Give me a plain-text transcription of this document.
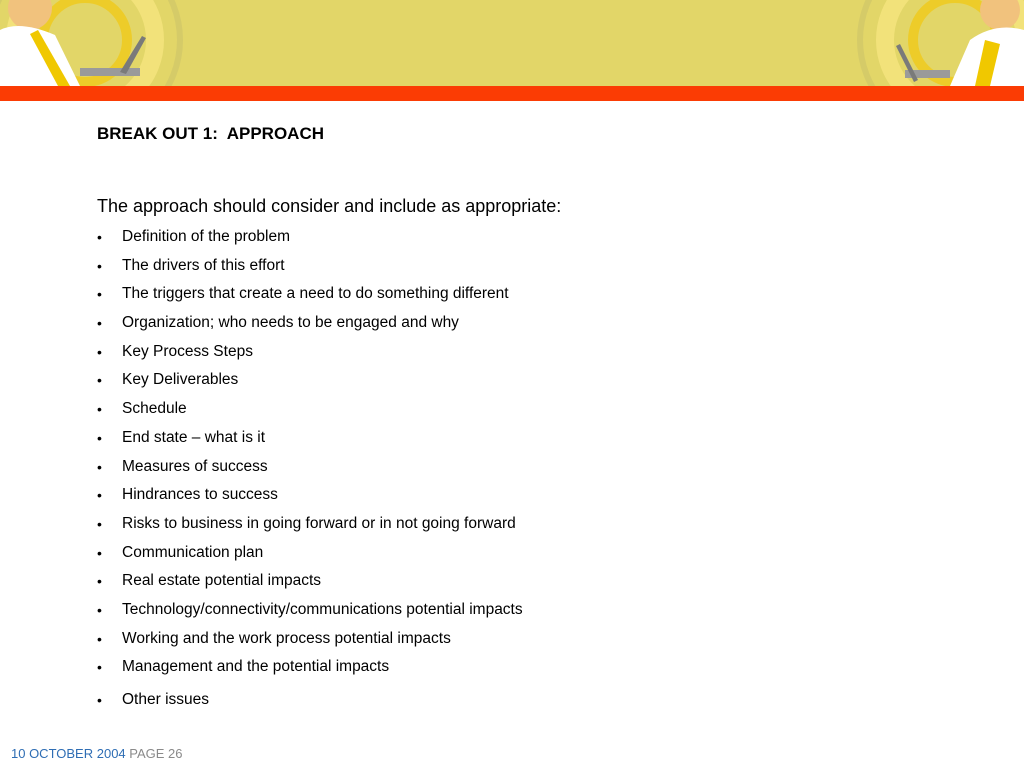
BREAK OUT 1:  APPROACH

The approach should consider and include as appropriate:

• Definition of the problem
• The drivers of this effort
• The triggers that create a need to do something different
• Organization; who needs to be engaged and why
• Key Process Steps
• Key Deliverables
• Schedule
• End state – what is it
• Measures of success
• Hindrances to success
• Risks to business in going forward or in not going forward
• Communication plan
• Real estate potential impacts
• Technology/connectivity/communications potential impacts
• Working and the work process potential impacts
• Management and the potential impacts
• Other issues
10 OCTOBER 2004 PAGE 26
